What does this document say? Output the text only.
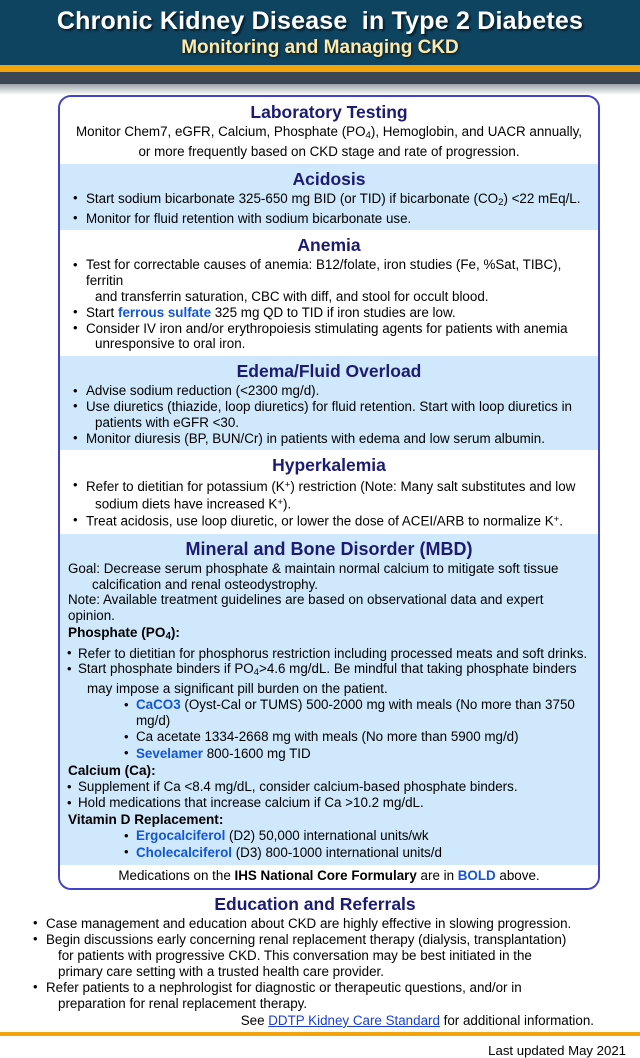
Chronic Kidney Disease  in Type 2 Diabetes
Monitoring and Managing CKD
Laboratory Testing
Monitor Chem7, eGFR, Calcium, Phosphate $(PO_4)$, Hemoglobin, and UACR annually,
or more frequently based on CKD stage and rate of progression.
Acidosis
• Start sodium bicarbonate 325-650 mg BID (or TID) if bicarbonate $(CO_2) <22$ mEq/L.
• Monitor for fluid retention with sodium bicarbonate use.
Anemia
• Test for correctable causes of anemia: B12/folate, iron studies (Fe, %Sat, TIBC), ferritin
and transferrin saturation, CBC with diff, and stool for occult blood.
• Start ferrous sulfate 325 mg QD to TID if iron studies are low.
• Consider IV iron and/or erythropoiesis stimulating agents for patients with anemia
unresponsive to oral iron.
Edema/Fluid Overload
• Advise sodium reduction (<2300 mg/d).
• Use diuretics (thiazide, loop diuretics) for fluid retention. Start with loop diuretics in
patients with eGFR <30.
• Monitor diuresis (BP, BUN/Cr) in patients with edema and low serum albumin.
Hyperkalemia
• Refer to dietitian for potassium (K+) restriction (Note: Many salt substitutes and low
sodium diets have increased K+).
• Treat acidosis, use loop diuretic, or lower the dose of ACEI/ARB to normalize K+.
Mineral and Bone Disorder (MBD)
Goal: Decrease serum phosphate & maintain normal calcium to mitigate soft tissue
calcification and renal osteodystrophy.
Note: Available treatment guidelines are based on observational data and expert opinion.
Phosphate $(PO_4)$:
• Refer to dietitian for phosphorus restriction including processed meats and soft drinks.
• Start phosphate binders if $PO_4>4.6$ mg/dL. Be mindful that taking phosphate binders
may impose a significant pill burden on the patient.
• CaCO3 (Oyst-Cal or TUMS) 500-2000 mg with meals (No more than 3750 mg/d)
• Ca acetate 1334-2668 mg with meals (No more than 5900 mg/d)
• Sevelamer 800-1600 mg TID
Calcium (Ca):
• Supplement if Ca <8.4 mg/dL, consider calcium-based phosphate binders.
• Hold medications that increase calcium if Ca >10.2 mg/dL.
Vitamin D Replacement:
• Ergocalciferol (D2) 50,000 international units/wk
• Cholecalciferol (D3) 800-1000 international units/d
Medications on the IHS National Core Formulary are in BOLD above.
Education and Referrals
• Case management and education about CKD are highly effective in slowing progression.
• Begin discussions early concerning renal replacement therapy (dialysis, transplantation)
for patients with progressive CKD. This conversation may be best initiated in the
primary care setting with a trusted health care provider.
• Refer patients to a nephrologist for diagnostic or therapeutic questions, and/or in
preparation for renal replacement therapy.
See DDTP Kidney Care Standard for additional information.
Last updated May 2021
